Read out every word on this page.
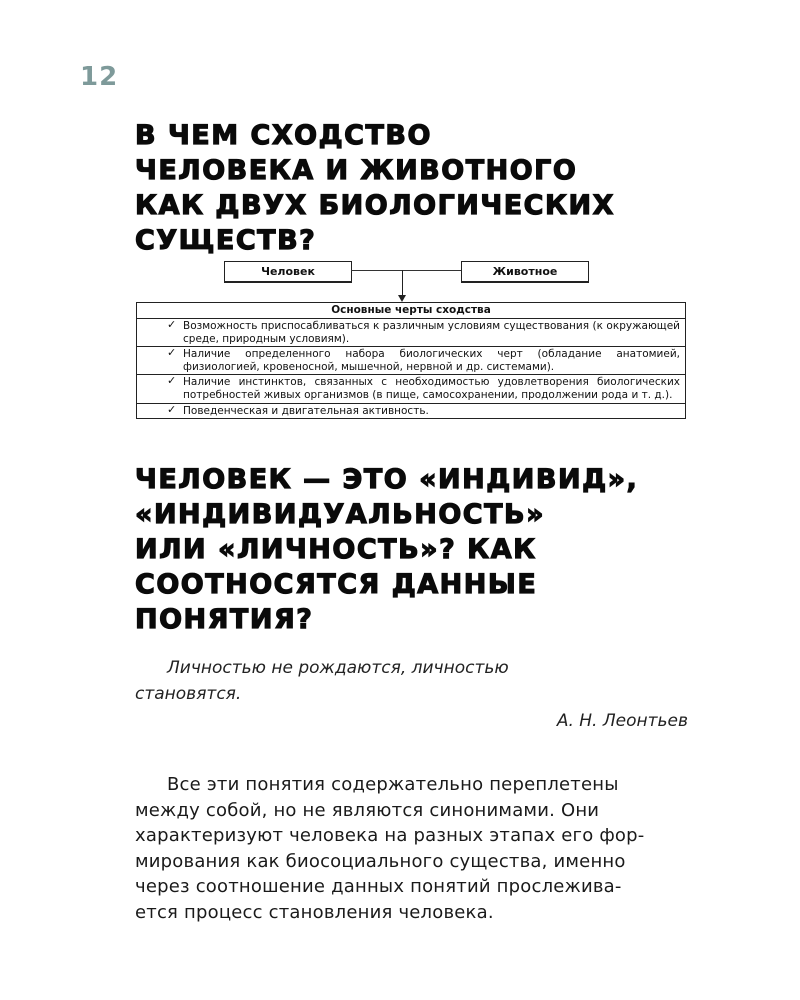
12
В ЧЕМ СХОДСТВО
ЧЕЛОВЕКА И ЖИВОТНОГО
КАК ДВУХ БИОЛОГИЧЕСКИХ
СУЩЕСТВ?
Человек	Животное
Основные черты сходства
✓ Возможность приспосабливаться к различным условиям существования (к окружающей среде, природным условиям).
✓ Наличие определенного набора биологических черт (обладание анатомией, физиологией, кровеносной, мышечной, нервной и др. системами).
✓ Наличие инстинктов, связанных с необходимостью удовлетворения биологических потребностей живых организмов (в пище, самосохранении, продолжении рода и т. д.).
✓ Поведенческая и двигательная активность.
ЧЕЛОВЕК — ЭТО «ИНДИВИД»,
«ИНДИВИДУАЛЬНОСТЬ»
ИЛИ «ЛИЧНОСТЬ»? КАК
СООТНОСЯТСЯ ДАННЫЕ
ПОНЯТИЯ?

Личностью не рождаются, личностью
становятся.

А. Н. Леонтьев

Все эти понятия содержательно переплетены
между собой, но не являются синонимами. Они
характеризуют человека на разных этапах его фор-
мирования как биосоциального существа, именно
через соотношение данных понятий прослежива-
ется процесс становления человека.
